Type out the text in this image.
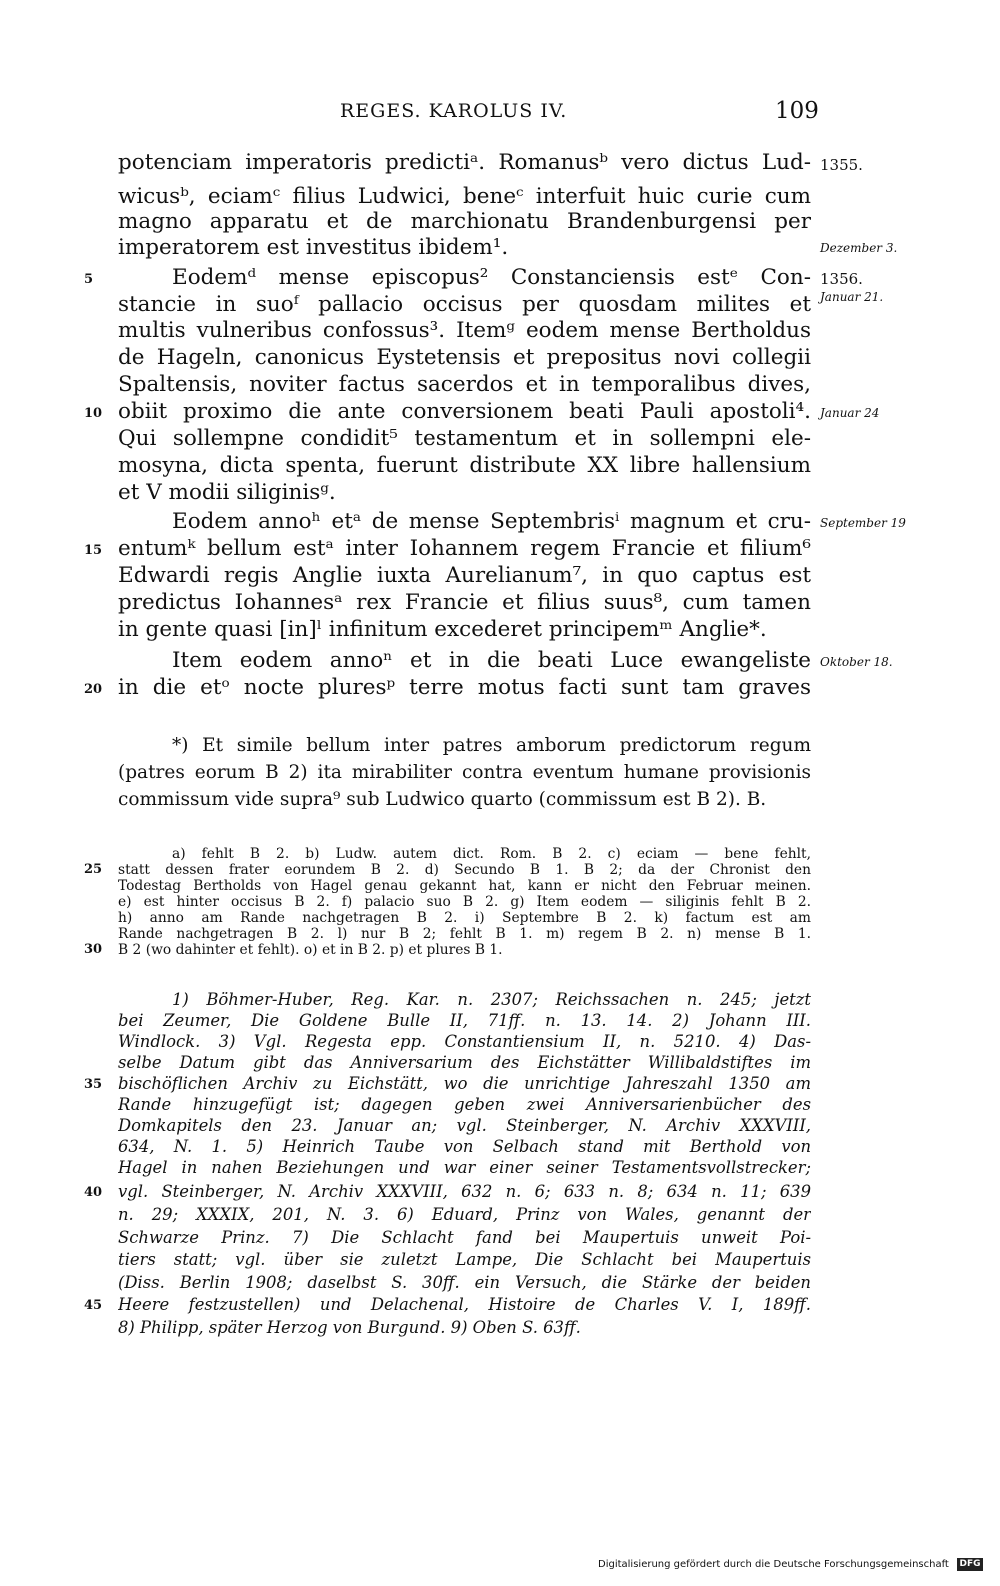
REGES. KAROLUS IV.	109
potenciam imperatoris predictiᵃ. Romanusᵇ vero dictus Lud-
wicusᵇ, eciamᶜ filius Ludwici, beneᶜ interfuit huic curie cum
magno apparatu et de marchionatu Brandenburgensi per
imperatorem est investitus ibidem¹.
Eodemᵈ mense episcopus² Constanciensis estᵉ Con-
stancie in suoᶠ pallacio occisus per quosdam milites et
multis vulneribus confossus³. Itemᵍ eodem mense Bertholdus
de Hageln, canonicus Eystetensis et prepositus novi collegii
Spaltensis, noviter factus sacerdos et in temporalibus dives,
obiit proximo die ante conversionem beati Pauli apostoli⁴.
Qui sollempne condidit⁵ testamentum et in sollempni ele-
mosyna, dicta spenta, fuerunt distribute XX libre hallensium
et V modii siliginisᵍ.
Eodem annoʰ etᵃ de mense Septembrisⁱ magnum et cru-
entumᵏ bellum estᵃ inter Iohannem regem Francie et filium⁶
Edwardi regis Anglie iuxta Aurelianum⁷, in quo captus est
predictus Iohannesᵃ rex Francie et filius suus⁸, cum tamen
in gente quasi [in]ˡ infinitum excederet principemᵐ Anglie*.
Item eodem annoⁿ et in die beati Luce ewangeliste
in die etᵒ nocte pluresᵖ terre motus facti sunt tam graves
*) Et simile bellum inter patres amborum predictorum regum
(patres eorum B 2) ita mirabiliter contra eventum humane provisionis
commissum vide supra⁹ sub Ludwico quarto (commissum est B 2). B.
a) fehlt B 2. b) Ludw. autem dict. Rom. B 2. c) eciam — bene fehlt,
statt dessen frater eorundem B 2. d) Secundo B 1. B 2; da der Chronist den
Todestag Bertholds von Hagel genau gekannt hat, kann er nicht den Februar meinen.
e) est hinter occisus B 2. f) palacio suo B 2. g) Item eodem — siliginis fehlt B 2.
h) anno am Rande nachgetragen B 2. i) Septembre B 2. k) factum est am
Rande nachgetragen B 2. l) nur B 2; fehlt B 1. m) regem B 2. n) mense B 1.
B 2 (wo dahinter et fehlt). o) et in B 2. p) et plures B 1.
1) Böhmer-Huber, Reg. Kar. n. 2307; Reichssachen n. 245; jetzt
bei Zeumer, Die Goldene Bulle II, 71ff. n. 13. 14. 2) Johann III.
Windlock. 3) Vgl. Regesta epp. Constantiensium II, n. 5210. 4) Das-
selbe Datum gibt das Anniversarium des Eichstätter Willibaldstiftes im
bischöflichen Archiv zu Eichstätt, wo die unrichtige Jahreszahl 1350 am
Rande hinzugefügt ist; dagegen geben zwei Anniversarienbücher des
Domkapitels den 23. Januar an; vgl. Steinberger, N. Archiv XXXVIII,
634, N. 1. 5) Heinrich Taube von Selbach stand mit Berthold von
Hagel in nahen Beziehungen und war einer seiner Testamentsvollstrecker;
vgl. Steinberger, N. Archiv XXXVIII, 632 n. 6; 633 n. 8; 634 n. 11; 639
n. 29; XXXIX, 201, N. 3. 6) Eduard, Prinz von Wales, genannt der
Schwarze Prinz. 7) Die Schlacht fand bei Maupertuis unweit Poi-
tiers statt; vgl. über sie zuletzt Lampe, Die Schlacht bei Maupertuis
(Diss. Berlin 1908; daselbst S. 30ff. ein Versuch, die Stärke der beiden
Heere festzustellen) und Delachenal, Histoire de Charles V. I, 189ff.
8) Philipp, später Herzog von Burgund. 9) Oben S. 63ff.
5
10
15
20
25
30
35
40
45
1355.
Dezember 3.
1356.
Januar 21.
Januar 24
September 19
Oktober 18.
Digitalisierung gefördert durch die Deutsche Forschungsgemeinschaft DFG
